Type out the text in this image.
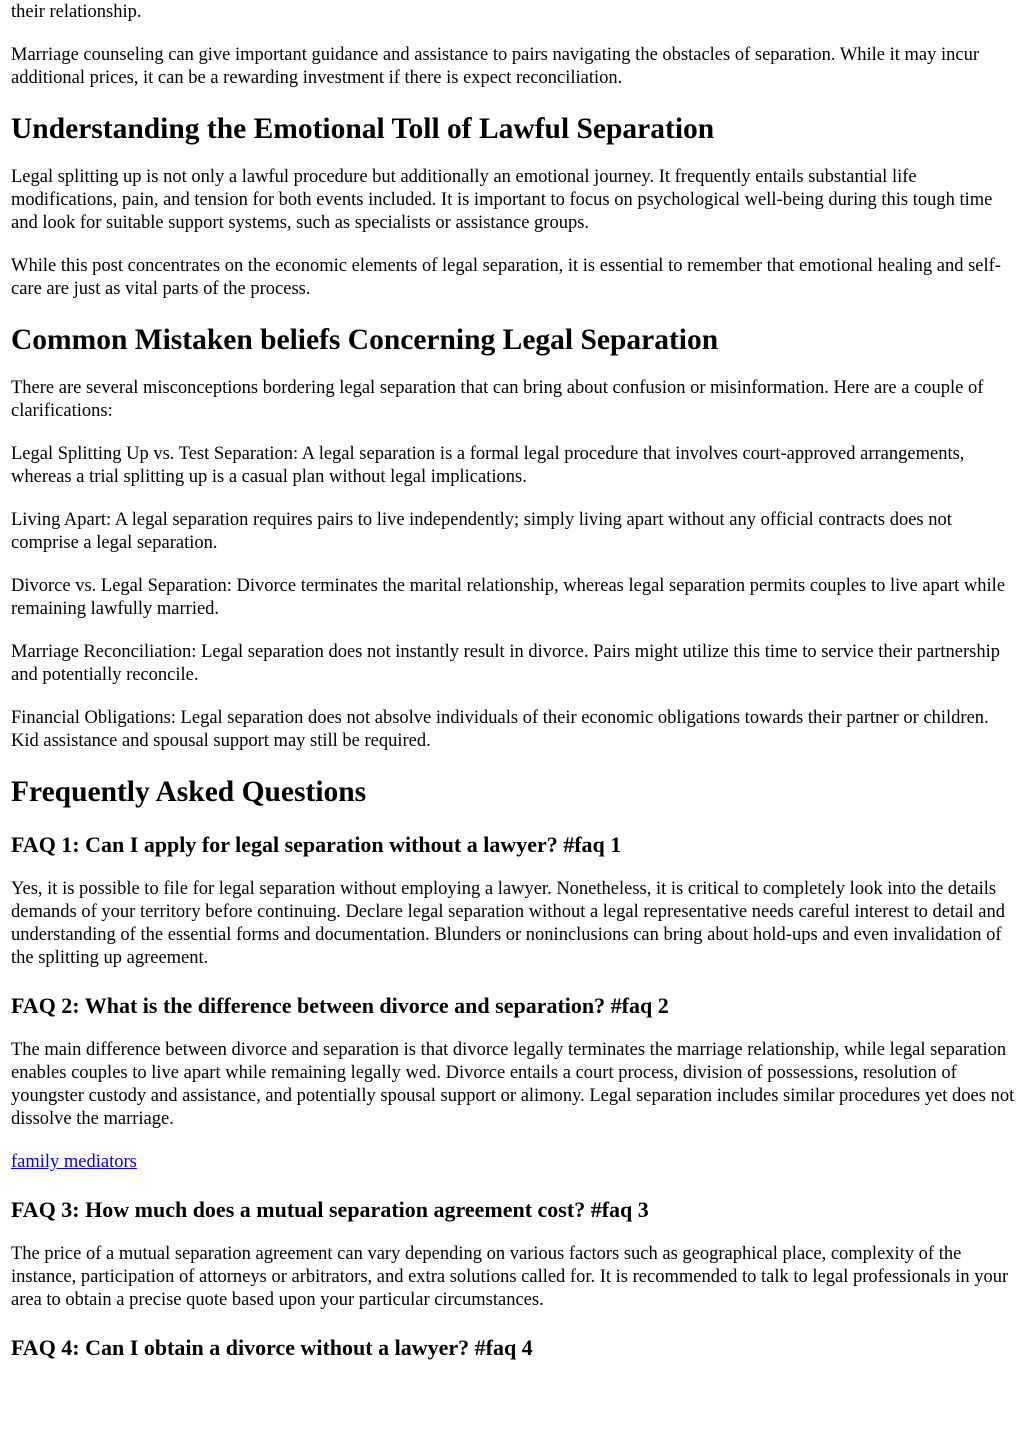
their relationship.

Marriage counseling can give important guidance and assistance to pairs navigating the obstacles of separation. While it may incur additional prices, it can be a rewarding investment if there is expect reconciliation.

Understanding the Emotional Toll of Lawful Separation

Legal splitting up is not only a lawful procedure but additionally an emotional journey. It frequently entails substantial life modifications, pain, and tension for both events included. It is important to focus on psychological well-being during this tough time and look for suitable support systems, such as specialists or assistance groups.

While this post concentrates on the economic elements of legal separation, it is essential to remember that emotional healing and self-care are just as vital parts of the process.

Common Mistaken beliefs Concerning Legal Separation

There are several misconceptions bordering legal separation that can bring about confusion or misinformation. Here are a couple of clarifications:

Legal Splitting Up vs. Test Separation: A legal separation is a formal legal procedure that involves court-approved arrangements, whereas a trial splitting up is a casual plan without legal implications.

Living Apart: A legal separation requires pairs to live independently; simply living apart without any official contracts does not comprise a legal separation.

Divorce vs. Legal Separation: Divorce terminates the marital relationship, whereas legal separation permits couples to live apart while remaining lawfully married.

Marriage Reconciliation: Legal separation does not instantly result in divorce. Pairs might utilize this time to service their partnership and potentially reconcile.

Financial Obligations: Legal separation does not absolve individuals of their economic obligations towards their partner or children. Kid assistance and spousal support may still be required.

Frequently Asked Questions
FAQ 1: Can I apply for legal separation without a lawyer? #faq 1

Yes, it is possible to file for legal separation without employing a lawyer. Nonetheless, it is critical to completely look into the details demands of your territory before continuing. Declare legal separation without a legal representative needs careful interest to detail and understanding of the essential forms and documentation. Blunders or noninclusions can bring about hold-ups and even invalidation of the splitting up agreement.

FAQ 2: What is the difference between divorce and separation? #faq 2

The main difference between divorce and separation is that divorce legally terminates the marriage relationship, while legal separation enables couples to live apart while remaining legally wed. Divorce entails a court process, division of possessions, resolution of youngster custody and assistance, and potentially spousal support or alimony. Legal separation includes similar procedures yet does not dissolve the marriage.

family mediators

FAQ 3: How much does a mutual separation agreement cost? #faq 3

The price of a mutual separation agreement can vary depending on various factors such as geographical place, complexity of the instance, participation of attorneys or arbitrators, and extra solutions called for. It is recommended to talk to legal professionals in your area to obtain a precise quote based upon your particular circumstances.

FAQ 4: Can I obtain a divorce without a lawyer? #faq 4
